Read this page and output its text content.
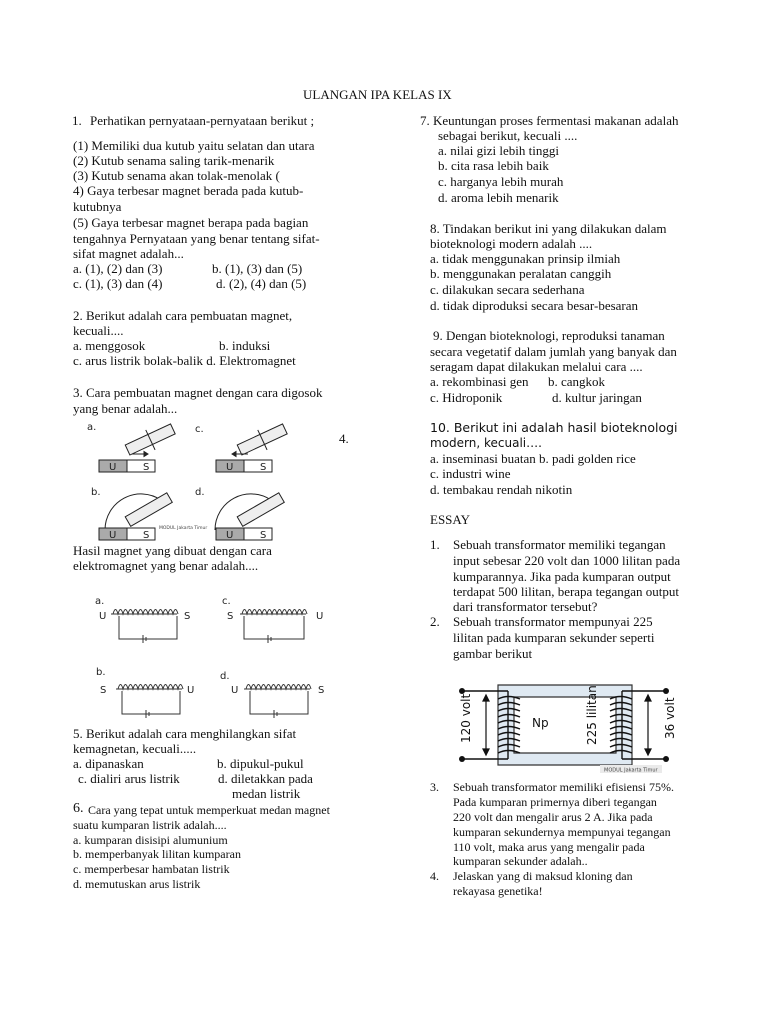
ULANGAN IPA KELAS IX
1. Perhatikan pernyataan-pernyataan berikut ;
(1) Memiliki dua kutub yaitu selatan dan utara
(2) Kutub senama saling tarik-menarik
(3) Kutub senama akan tolak-menolak (
4) Gaya terbesar magnet berada pada kutub-
kutubnya
(5) Gaya terbesar magnet berapa pada bagian
tengahnya Pernyataan yang benar tentang sifat-
sifat magnet adalah...
a. (1), (2) dan (3)	b. (1), (3) dan (5)
c. (1), (3) dan (4)	d. (2), (4) dan (5)
2. Berikut adalah cara pembuatan magnet,
kecuali....
a. menggosok	b. induksi
c. arus listrik bolak-balik d. Elektromagnet
3. Cara pembuatan magnet dengan cara digosok
yang benar adalah...
a.	c.
b.	d.
U	S	U	S
U	S	U	S
MODUL Jakarta Timur
4.
Hasil magnet yang dibuat dengan cara
elektromagnet yang benar adalah....
a.	c.
b.	d.
U	S	S	U
S	U	U	S
5. Berikut adalah cara menghilangkan sifat
kemagnetan, kecuali.....
a. dipanaskan	b. dipukul-pukul
c. dialiri arus listrik	d. diletakkan pada
medan listrik
6. Cara yang tepat untuk memperkuat medan magnet
suatu kumparan listrik adalah....
a. kumparan disisipi alumunium
b. memperbanyak lilitan kumparan
c. memperbesar hambatan listrik
d. memutuskan arus listrik
7. Keuntungan proses fermentasi makanan adalah
sebagai berikut, kecuali ....
a. nilai gizi lebih tinggi
b. cita rasa lebih baik
c. harganya lebih murah
d. aroma lebih menarik
8. Tindakan berikut ini yang dilakukan dalam
bioteknologi modern adalah ....
a. tidak menggunakan prinsip ilmiah
b. menggunakan peralatan canggih
c. dilakukan secara sederhana
d. tidak diproduksi secara besar-besaran
9. Dengan bioteknologi, reproduksi tanaman
secara vegetatif dalam jumlah yang banyak dan
seragam dapat dilakukan melalui cara ....
a. rekombinasi gen b. cangkok
c. Hidroponik	d. kultur jaringan
10. Berikut ini adalah hasil bioteknologi
modern, kecuali….
a. inseminasi buatan b. padi golden rice
c. industri wine
d. tembakau rendah nikotin
ESSAY
1. Sebuah transformator memiliki tegangan
input sebesar 220 volt dan 1000 lilitan pada
kumparannya. Jika pada kumparan output
terdapat 500 lilitan, berapa tegangan output
dari transformator tersebut?
2. Sebuah transformator mempunyai 225
lilitan pada kumparan sekunder seperti
gambar berikut
120 volt	Np	225 lilitan	36 volt
MODUL Jakarta Timur
3. Sebuah transformator memiliki efisiensi 75%.
Pada kumparan primernya diberi tegangan
220 volt dan mengalir arus 2 A. Jika pada
kumparan sekundernya mempunyai tegangan
110 volt, maka arus yang mengalir pada
kumparan sekunder adalah..
4. Jelaskan yang di maksud kloning dan
rekayasa genetika!
